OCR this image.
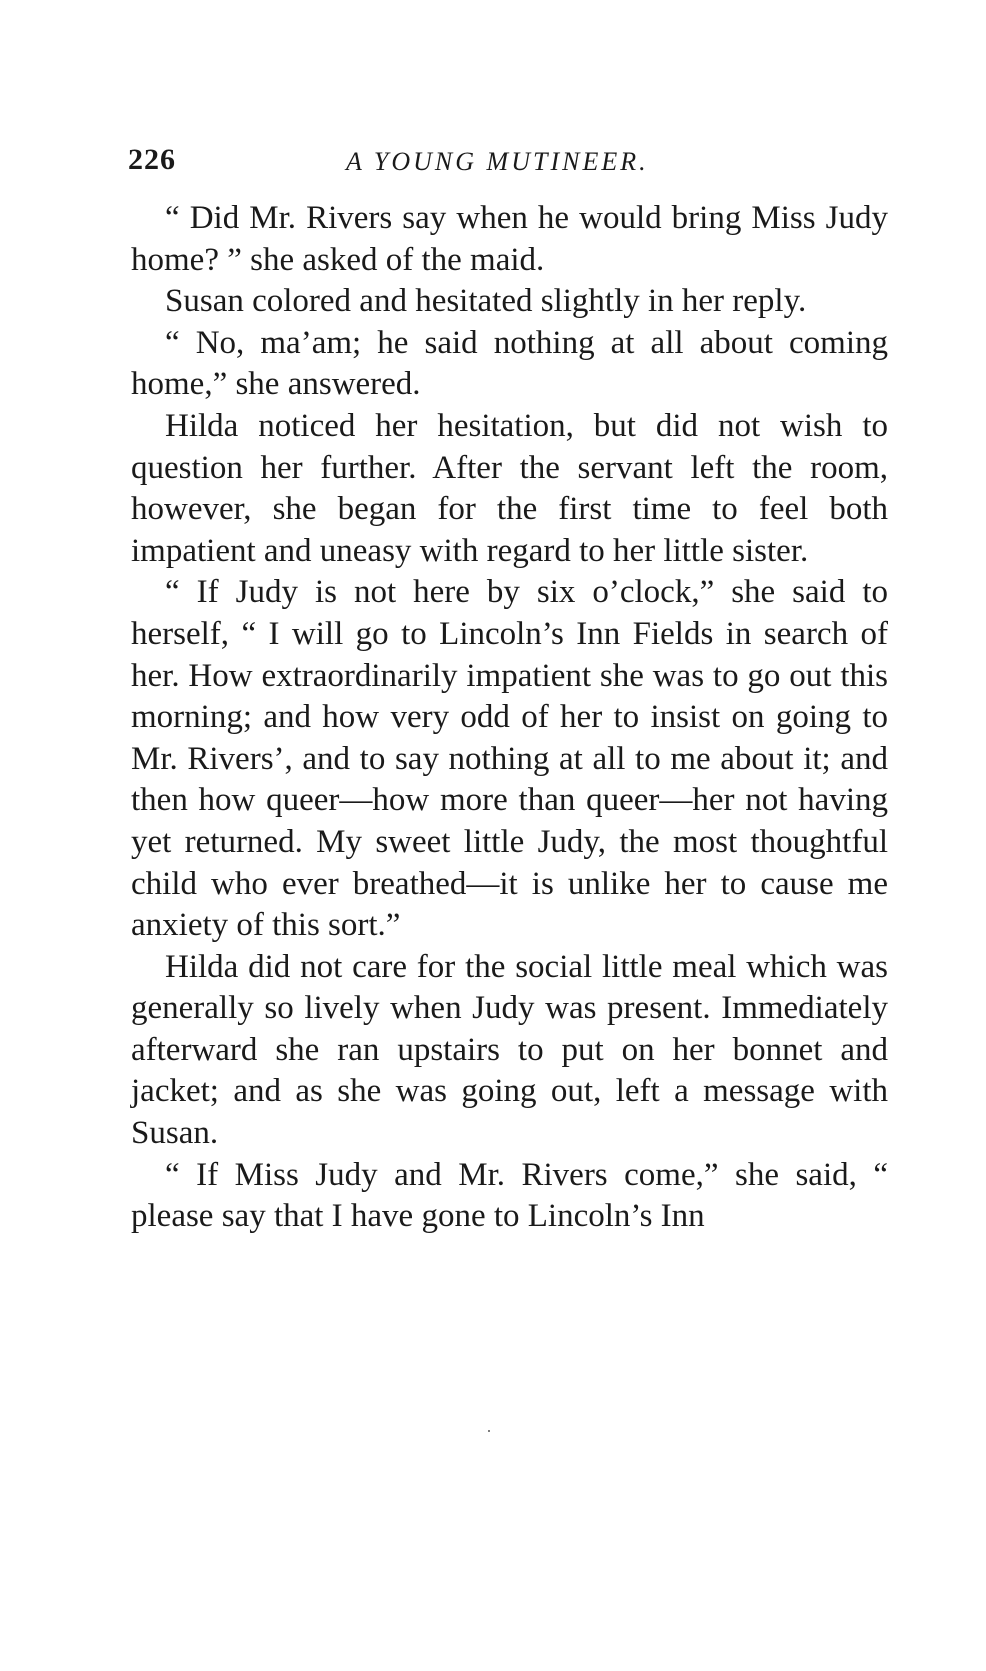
226	A YOUNG MUTINEER.

“ Did Mr. Rivers say when he would bring Miss Judy home? ” she asked of the maid.

Susan colored and hesitated slightly in her reply.

“ No, ma’am; he said nothing at all about coming home,” she answered.

Hilda noticed her hesitation, but did not wish to question her further. After the servant left the room, however, she began for the first time to feel both impatient and uneasy with regard to her little sister.

“ If Judy is not here by six o’clock,” she said to herself, “ I will go to Lincoln’s Inn Fields in search of her. How extraordinarily impatient she was to go out this morning; and how very odd of her to insist on going to Mr. Rivers’, and to say nothing at all to me about it; and then how queer—how more than queer—her not having yet returned. My sweet little Judy, the most thoughtful child who ever breathed—it is unlike her to cause me anxiety of this sort.”

Hilda did not care for the social little meal which was generally so lively when Judy was present. Immediately afterward she ran upstairs to put on her bonnet and jacket; and as she was going out, left a message with Susan.

“ If Miss Judy and Mr. Rivers come,” she said, “ please say that I have gone to Lincoln’s Inn
